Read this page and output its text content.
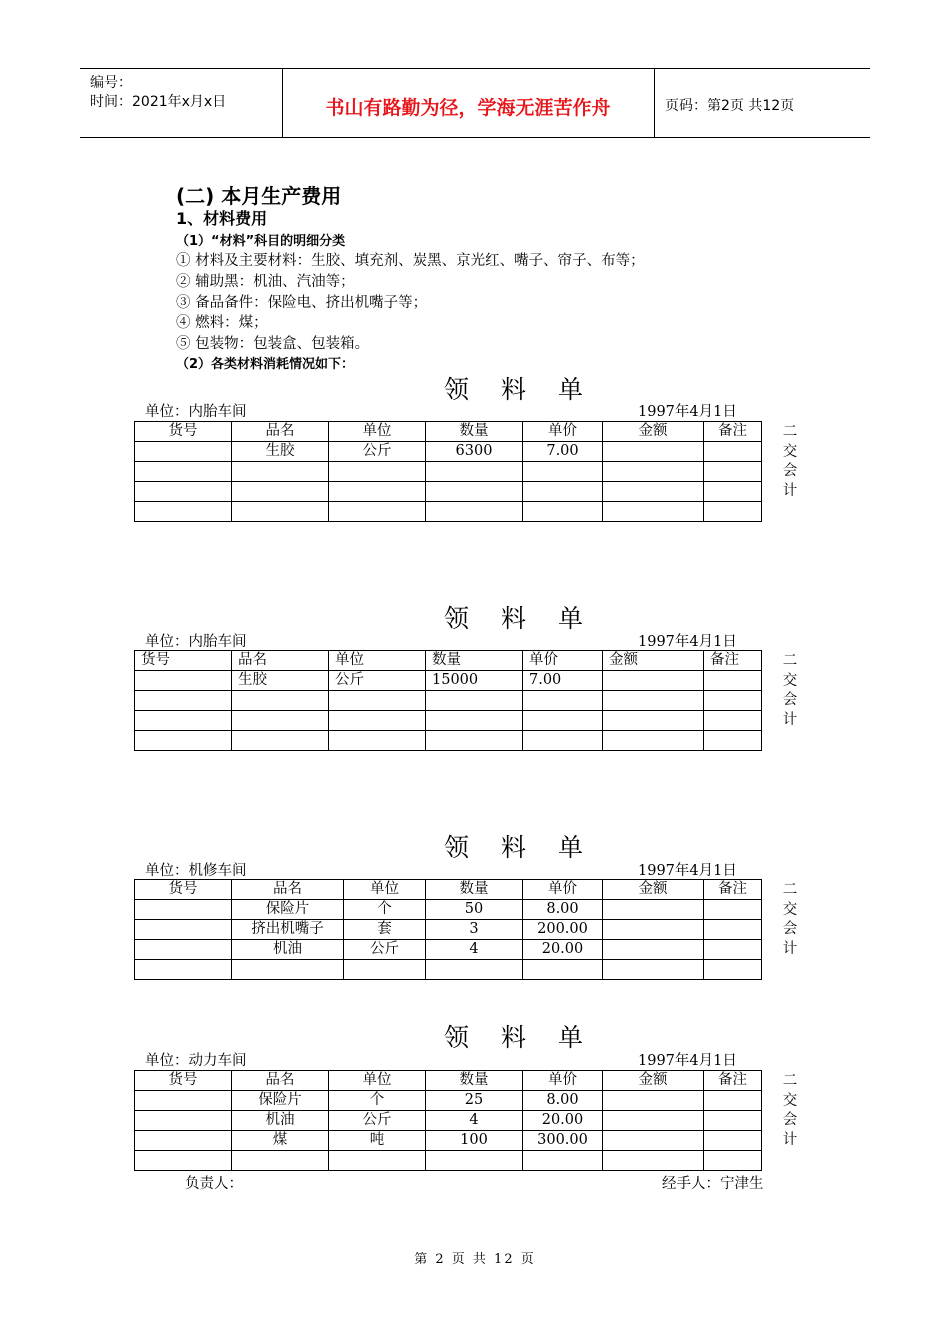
编号：
时间：2021年x月x日	书山有路勤为径，学海无涯苦作舟	页码：第2页 共12页
(二) 本月生产费用
1、材料费用
（1）“材料”科目的明细分类
① 材料及主要材料：生胶、填充剂、炭黑、京光红、嘴子、帘子、布等；
② 辅助黑：机油、汽油等；
③ 备品备件：保险电、挤出机嘴子等；
④ 燃料：煤；
⑤ 包装物：包装盒、包装箱。
（2）各类材料消耗情况如下：
领 料 单
单位：内胎车间	1997年4月1日
货号	品名	单位	数量	单价	金额	备注
	生胶	公斤	6300	7.00		

二
交
会
计
领 料 单
单位：内胎车间	1997年4月1日
货号	品名	单位	数量	单价	金额	备注
	生胶	公斤	15000	7.00		

二
交
会
计
领 料 单
单位：机修车间	1997年4月1日
货号	品名	单位	数量	单价	金额	备注
	保险片	个	50	8.00		
	挤出机嘴子	套	3	200.00		
	机油	公斤	4	20.00		

二
交
会
计
领 料 单
单位：动力车间	1997年4月1日
货号	品名	单位	数量	单价	金额	备注
	保险片	个	25	8.00		
	机油	公斤	4	20.00		
	煤	吨	100	300.00		

二
交
会
计
负责人：	经手人：宁津生
第 2 页 共 12 页
